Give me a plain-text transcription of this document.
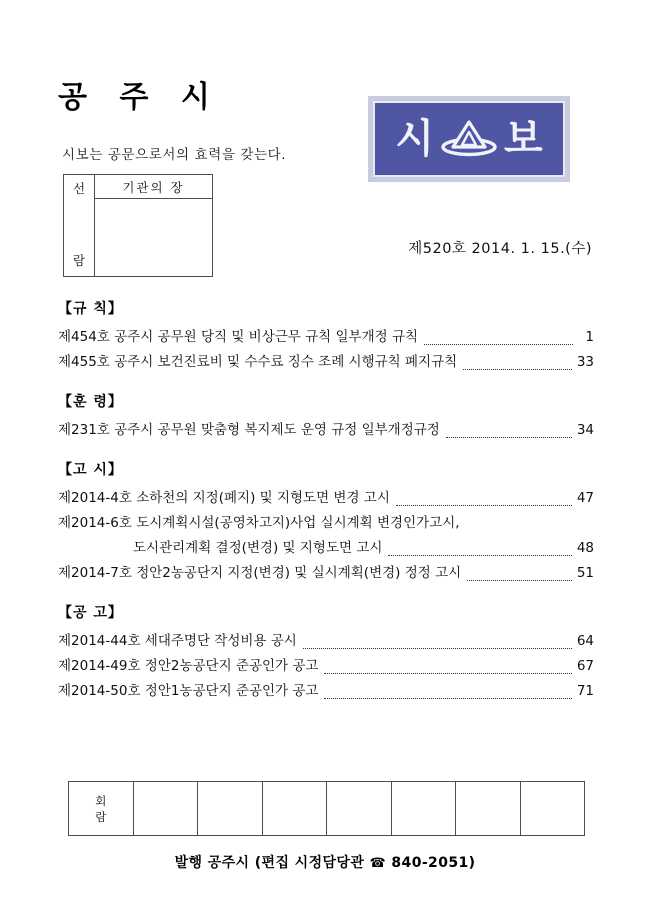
공 주 시
시보는 공문으로서의 효력을 갖는다.
선
람
기관의 장
시 보
제520호 2014. 1. 15.(수)
【규 칙】
제454호 공주시 공무원 당직 및 비상근무 규칙 일부개정 규칙	1
제455호 공주시 보건진료비 및 수수료 징수 조례 시행규칙 폐지규칙	33
【훈 령】
제231호 공주시 공무원 맞춤형 복지제도 운영 규정 일부개정규정	34
【고 시】
제2014-4호 소하천의 지정(폐지) 및 지형도면 변경 고시	47
제2014-6호 도시계획시설(공영차고지)사업 실시계획 변경인가고시,
도시관리계획 결정(변경) 및 지형도면 고시	48
제2014-7호 정안2농공단지 지정(변경) 및 실시계획(변경) 정정 고시	51
【공 고】
제2014-44호 세대주명단 작성비용 공시	64
제2014-49호 정안2농공단지 준공인가 공고	67
제2014-50호 정안1농공단지 준공인가 공고	71
회
람
발행 공주시 (편집 시정담당관 ☎ 840-2051)
